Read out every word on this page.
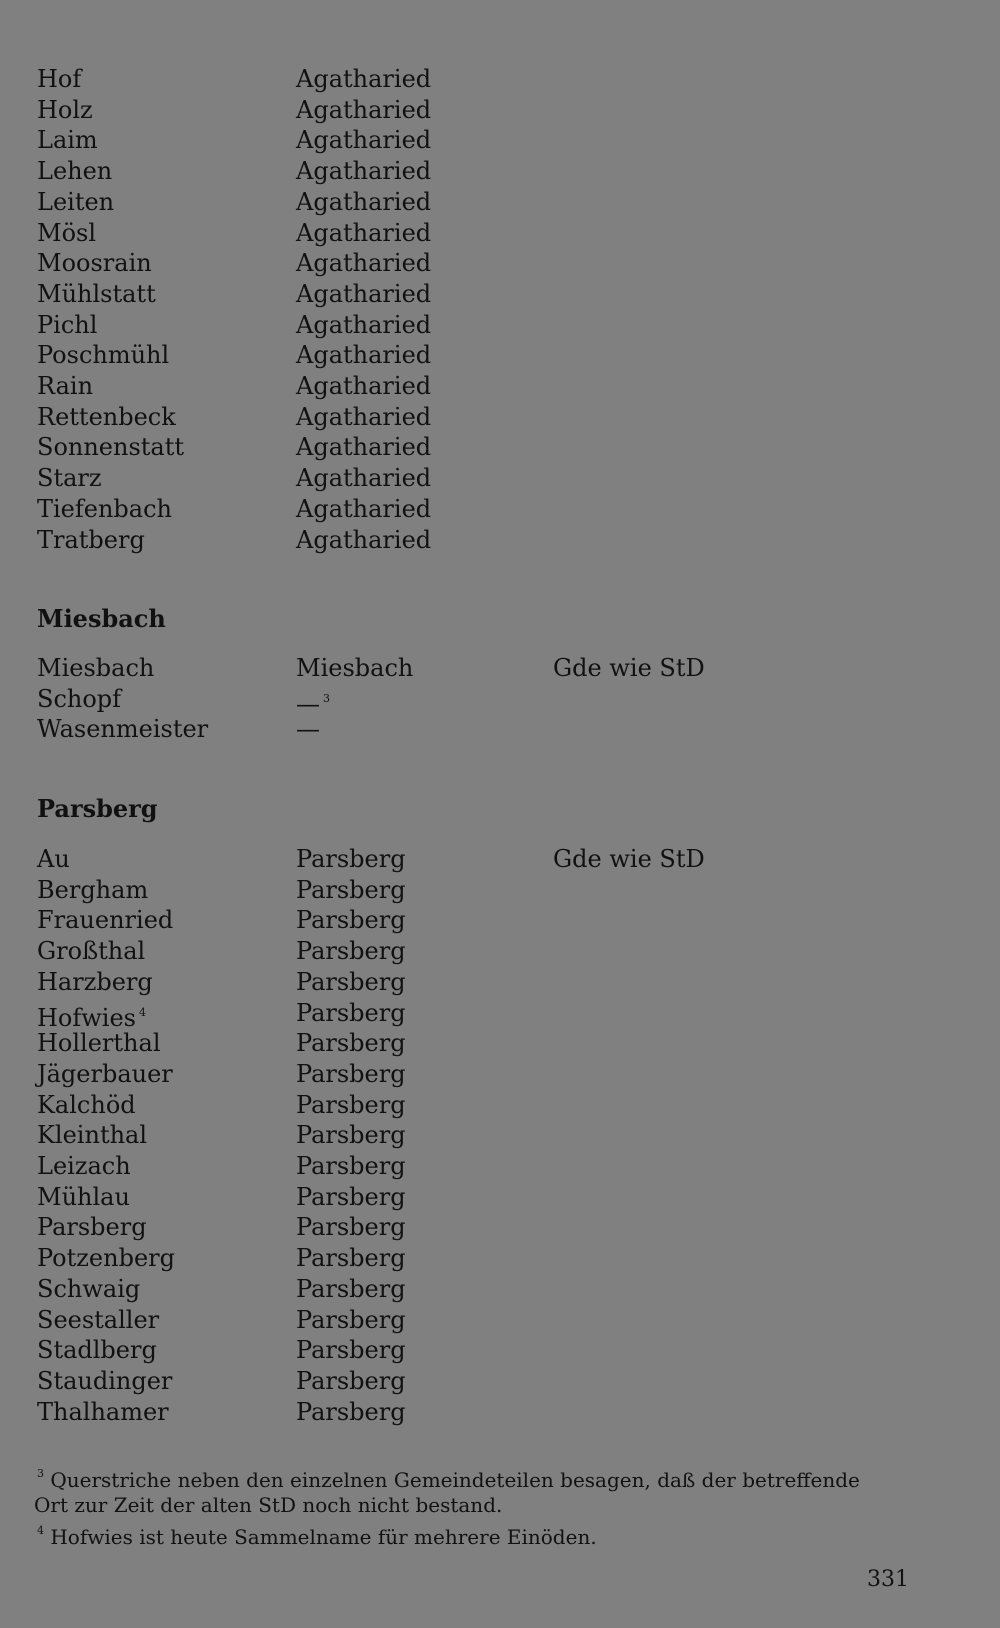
Hof	Agatharied
Holz	Agatharied
Laim	Agatharied
Lehen	Agatharied
Leiten	Agatharied
Mösl	Agatharied
Moosrain	Agatharied
Mühlstatt	Agatharied
Pichl	Agatharied
Poschmühl	Agatharied
Rain	Agatharied
Rettenbeck	Agatharied
Sonnenstatt	Agatharied
Starz	Agatharied
Tiefenbach	Agatharied
Tratberg	Agatharied
Miesbach
Miesbach	Miesbach	Gde wie StD
Schopf	— $^3$
Wasenmeister	—
Parsberg
Au	Parsberg	Gde wie StD
Bergham	Parsberg
Frauenried	Parsberg
Großthal	Parsberg
Harzberg	Parsberg
Hofwies $^4$	Parsberg
Hollerthal	Parsberg
Jägerbauer	Parsberg
Kalchöd	Parsberg
Kleinthal	Parsberg
Leizach	Parsberg
Mühlau	Parsberg
Parsberg	Parsberg
Potzenberg	Parsberg
Schwaig	Parsberg
Seestaller	Parsberg
Stadlberg	Parsberg
Staudinger	Parsberg
Thalhamer	Parsberg
$^3$ Querstriche neben den einzelnen Gemeindeteilen besagen, daß der betreffende
Ort zur Zeit der alten StD noch nicht bestand.
$^4$ Hofwies ist heute Sammelname für mehrere Einöden.
331
